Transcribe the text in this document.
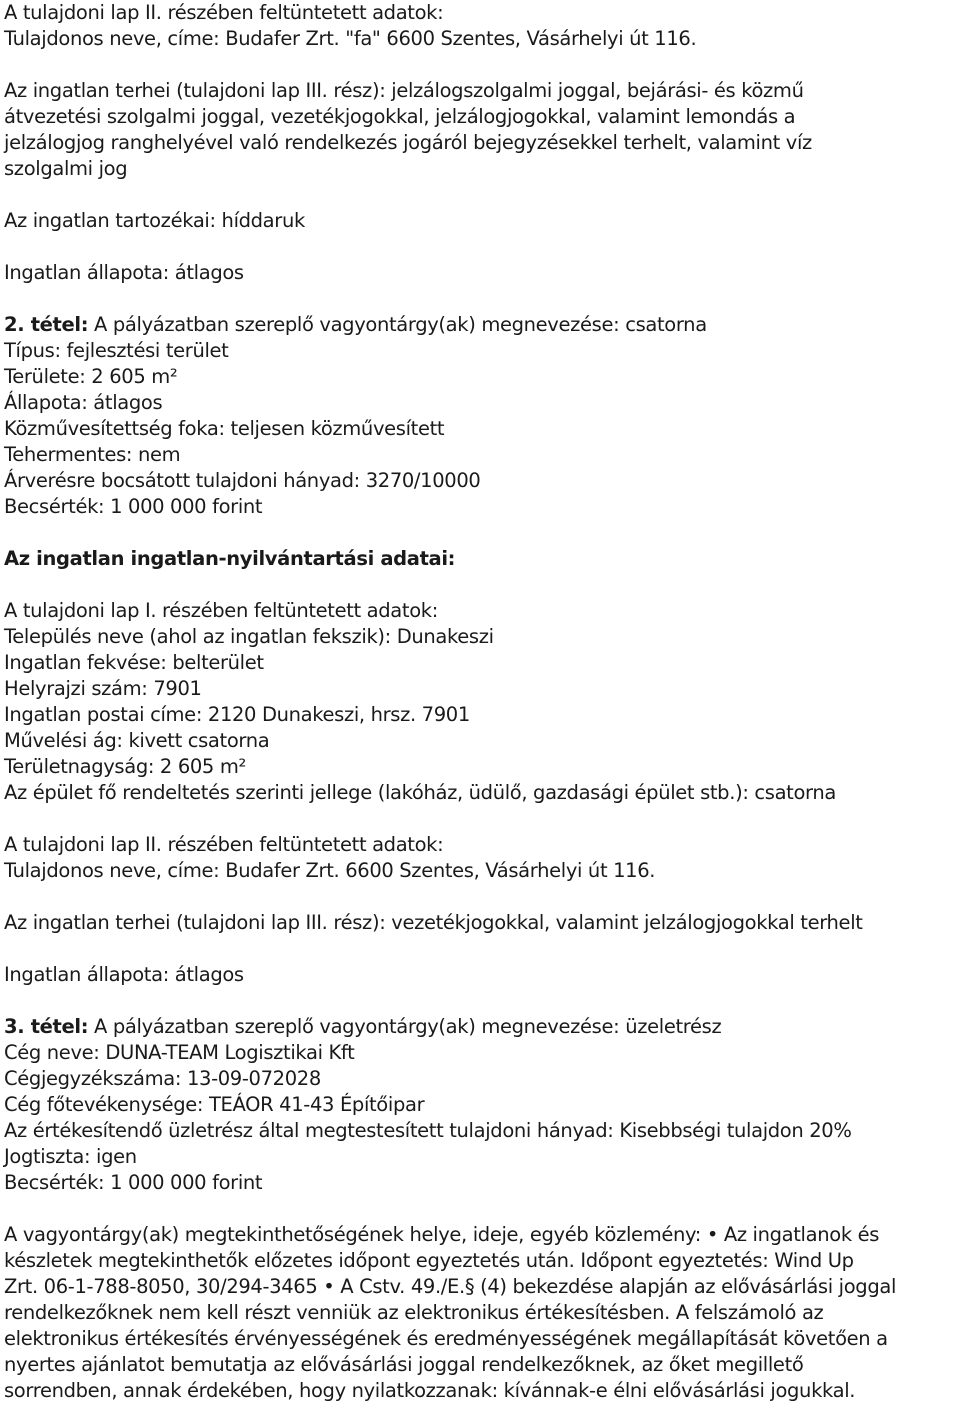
A tulajdoni lap II. részében feltüntetett adatok:
Tulajdonos neve, címe: Budafer Zrt. "fa" 6600 Szentes, Vásárhelyi út 116.
Az ingatlan terhei (tulajdoni lap III. rész): jelzálogszolgalmi joggal, bejárási- és közmű
átvezetési szolgalmi joggal, vezetékjogokkal, jelzálogjogokkal, valamint lemondás a
jelzálogjog ranghelyével való rendelkezés jogáról bejegyzésekkel terhelt, valamint víz
szolgalmi jog
Az ingatlan tartozékai: híddaruk
Ingatlan állapota: átlagos
2. tétel: A pályázatban szereplő vagyontárgy(ak) megnevezése: csatorna
Típus: fejlesztési terület
Területe: 2 605 m²
Állapota: átlagos
Közművesítettség foka: teljesen közművesített
Tehermentes: nem
Árverésre bocsátott tulajdoni hányad: 3270/10000
Becsérték: 1 000 000 forint
Az ingatlan ingatlan-nyilvántartási adatai:
A tulajdoni lap I. részében feltüntetett adatok:
Település neve (ahol az ingatlan fekszik): Dunakeszi
Ingatlan fekvése: belterület
Helyrajzi szám: 7901
Ingatlan postai címe: 2120 Dunakeszi, hrsz. 7901
Művelési ág: kivett csatorna
Területnagyság: 2 605 m²
Az épület fő rendeltetés szerinti jellege (lakóház, üdülő, gazdasági épület stb.): csatorna
A tulajdoni lap II. részében feltüntetett adatok:
Tulajdonos neve, címe: Budafer Zrt. 6600 Szentes, Vásárhelyi út 116.
Az ingatlan terhei (tulajdoni lap III. rész): vezetékjogokkal, valamint jelzálogjogokkal terhelt
Ingatlan állapota: átlagos
3. tétel: A pályázatban szereplő vagyontárgy(ak) megnevezése: üzeletrész
Cég neve: DUNA-TEAM Logisztikai Kft
Cégjegyzékszáma: 13-09-072028
Cég főtevékenysége: TEÁOR 41-43 Építőipar
Az értékesítendő üzletrész által megtestesített tulajdoni hányad: Kisebbségi tulajdon 20%
Jogtiszta: igen
Becsérték: 1 000 000 forint
A vagyontárgy(ak) megtekinthetőségének helye, ideje, egyéb közlemény: • Az ingatlanok és
készletek megtekinthetők előzetes időpont egyeztetés után. Időpont egyeztetés: Wind Up
Zrt. 06-1-788-8050, 30/294-3465 • A Cstv. 49./E.§ (4) bekezdése alapján az elővásárlási joggal
rendelkezőknek nem kell részt venniük az elektronikus értékesítésben. A felszámoló az
elektronikus értékesítés érvényességének és eredményességének megállapítását követően a
nyertes ajánlatot bemutatja az elővásárlási joggal rendelkezőknek, az őket megillető
sorrendben, annak érdekében, hogy nyilatkozzanak: kívánnak-e élni elővásárlási jogukkal.
